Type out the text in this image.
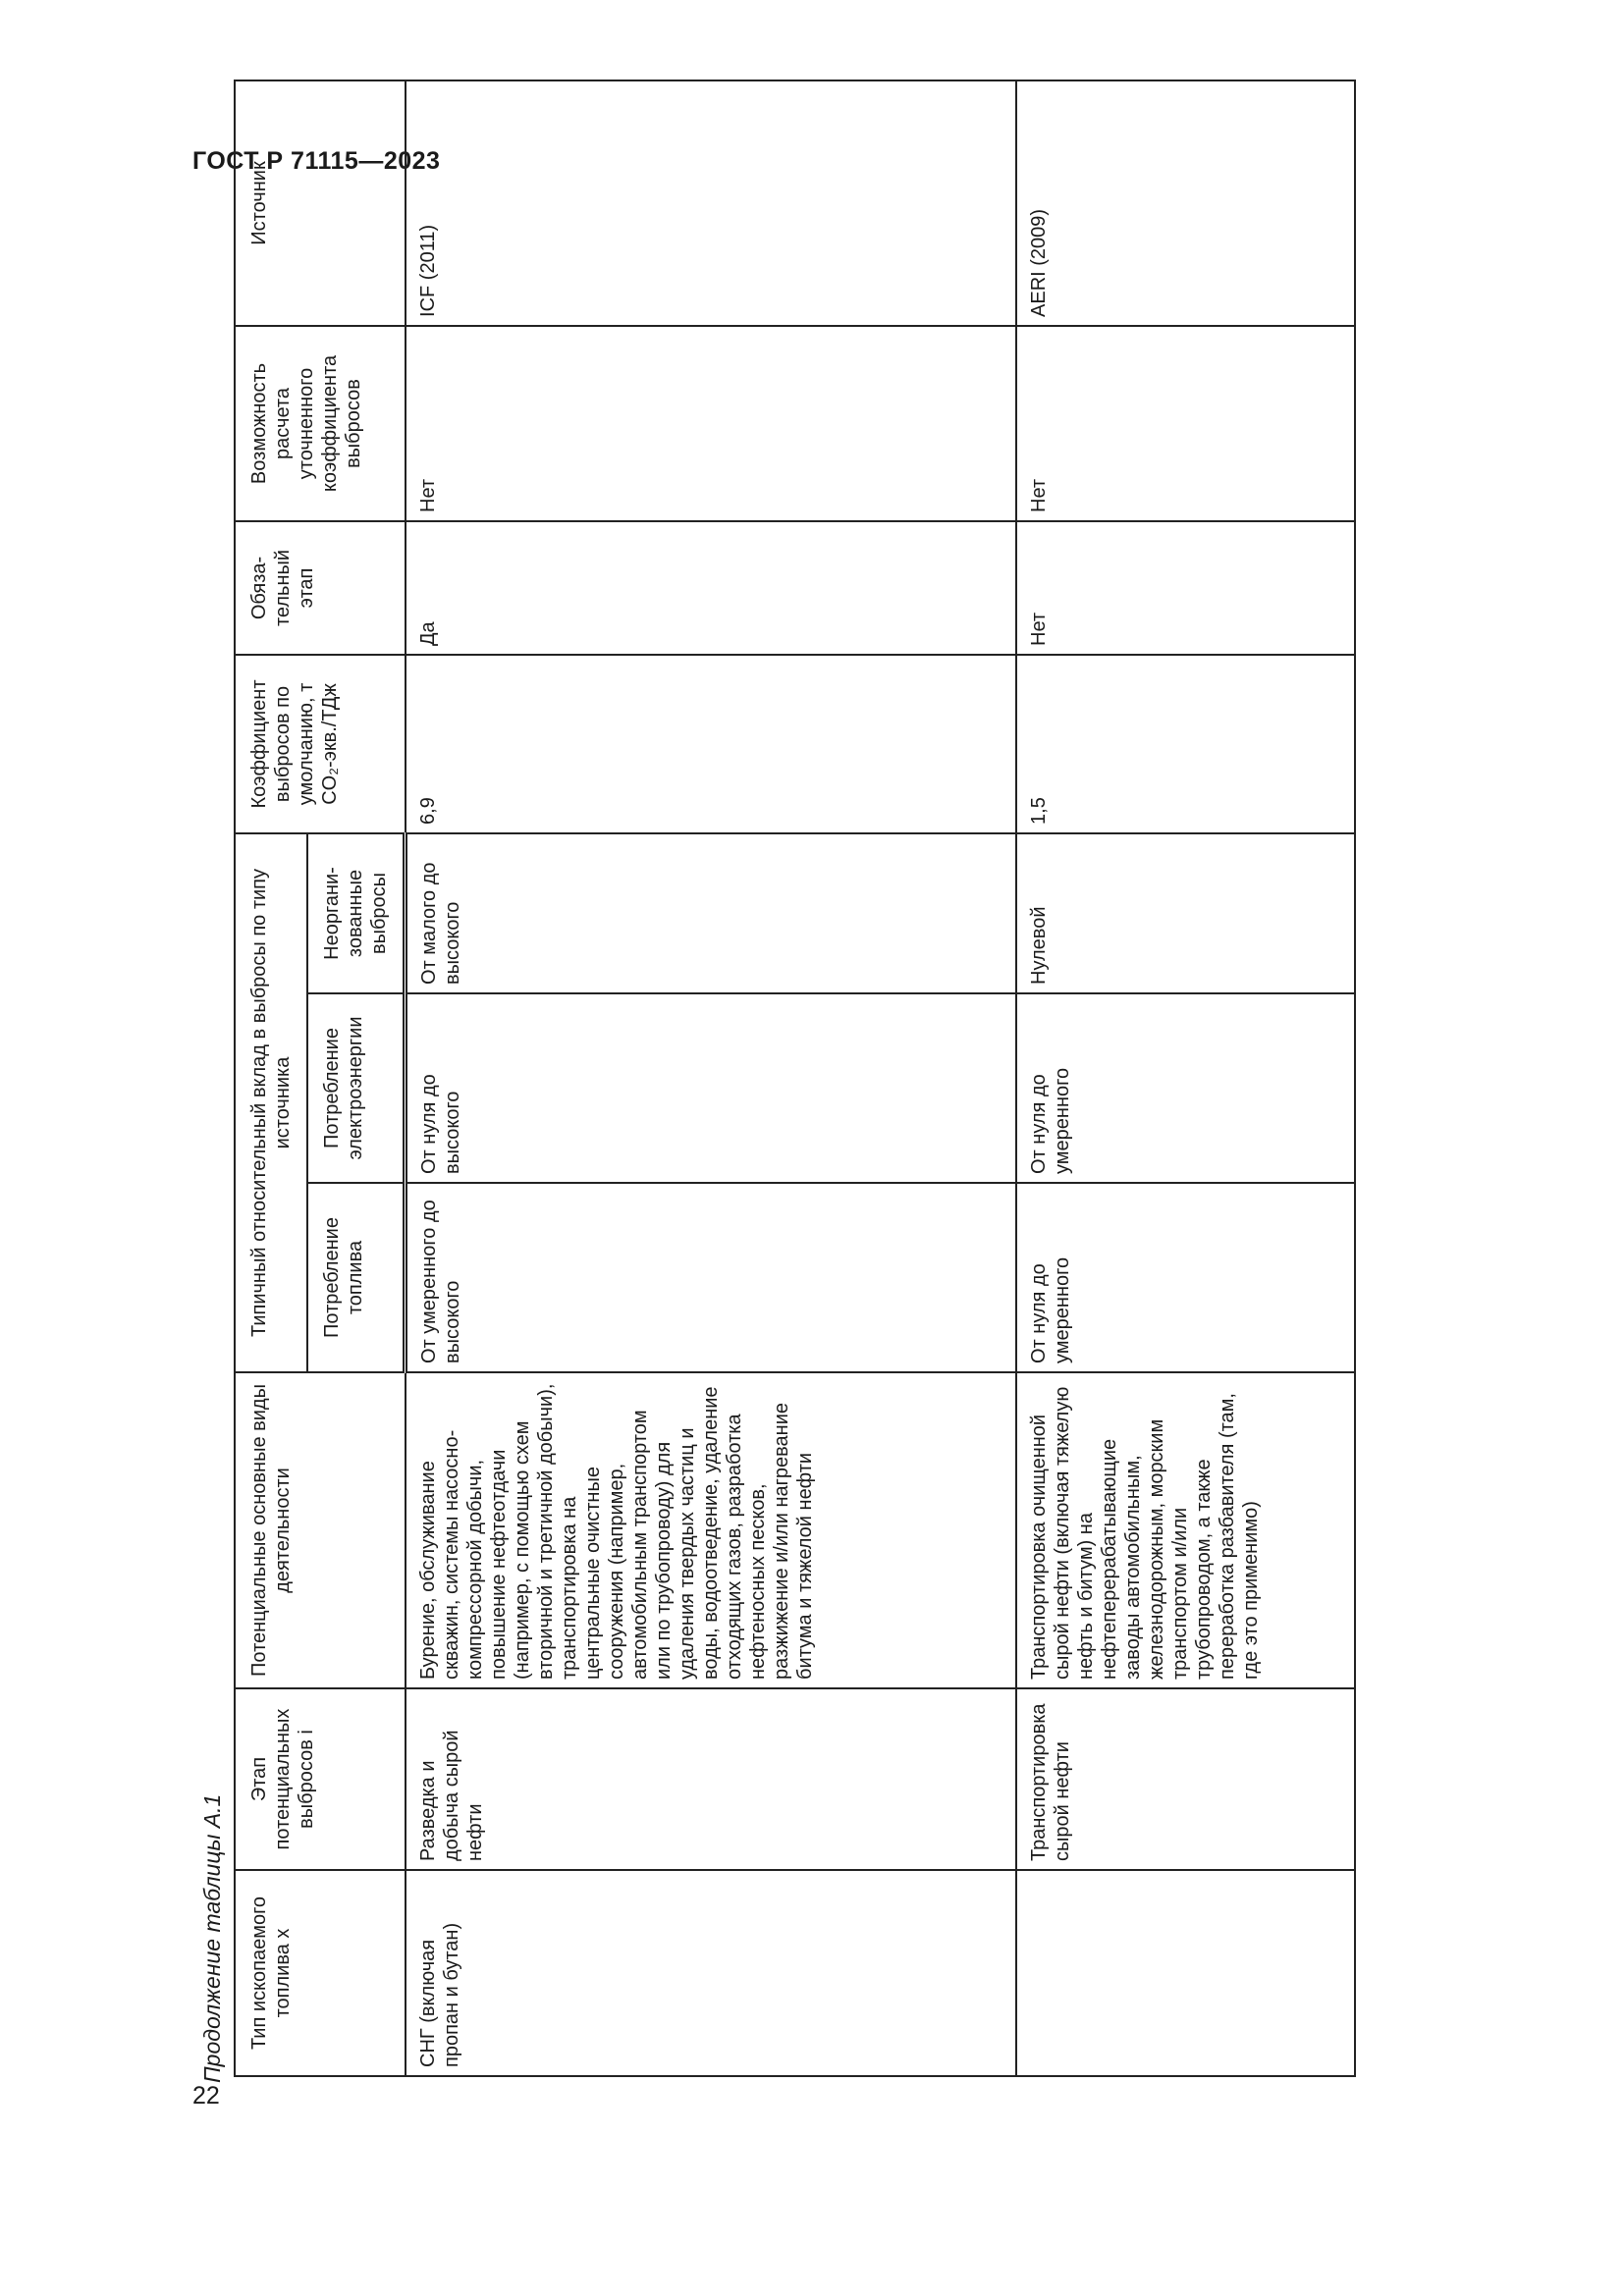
ГОСТ Р 71115—2023
22
Продолжение таблицы А.1	Тип ископаемого топлива x	Этап потенциальных выбросов i	Потенциальные основные виды деятельности	Типичный относительный вклад в выбросы по типу источника			Коэффициент выбросов по умолчанию, т CO₂-экв./ТДж	Обязательный этап	Возможность расчета уточненного коэффициента выбросов	Источник
			Потребление топлива	Потребление электроэнергии	Неорганизованные выбросы				
СНГ (включая пропан и бутан)	Разведка и добыча сырой нефти	Бурение, обслуживание скважин, системы насосно-компрессорной добычи, повышение нефтеотдачи (например, с помощью схем вторичной и третичной добычи), транспортировка на центральные очистные сооружения (например, автомобильным транспортом или по трубопроводу) для удаления твердых частиц и воды, водоотведение, удаление отходящих газов, разработка нефтеносных песков, разжижение и/или нагревание битума и тяжелой нефти	От умеренного до высокого	От нуля до высокого	От малого до высокого	6,9	Да	Нет	ICF (2011)
	Транспортировка сырой нефти	Транспортировка очищенной сырой нефти (включая тяжелую нефть и битум) на нефтеперерабатывающие заводы автомобильным, железнодорожным, морским транспортом и/или трубопроводом, а также переработка разбавителя (там, где это применимо)	От нуля до умеренного	От нуля до умеренного	Нулевой	1,5	Нет	Нет	AERI (2009)
